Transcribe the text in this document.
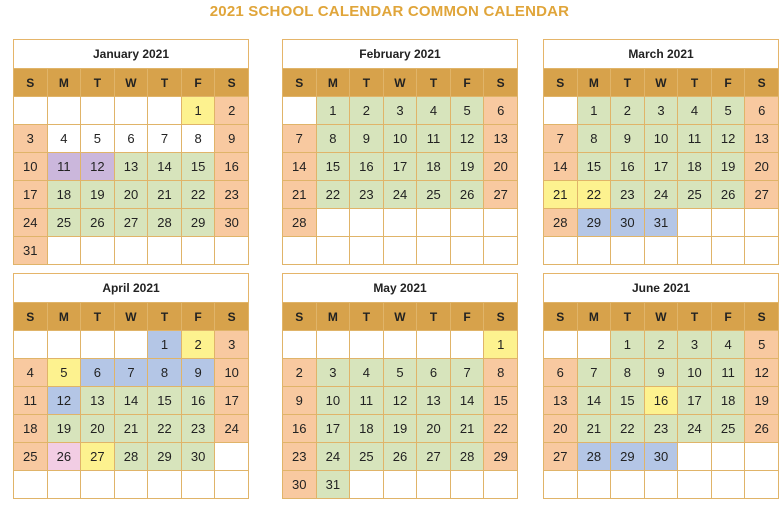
2021 SCHOOL CALENDAR COMMON CALENDAR
January 2021
S	M	T	W	T	F	S
					1	2
3	4	5	6	7	8	9
10	11	12	13	14	15	16
17	18	19	20	21	22	23
24	25	26	27	28	29	30
31						
February 2021
S	M	T	W	T	F	S
	1	2	3	4	5	6
7	8	9	10	11	12	13
14	15	16	17	18	19	20
21	22	23	24	25	26	27
28						

March 2021
S	M	T	W	T	F	S
	1	2	3	4	5	6
7	8	9	10	11	12	13
14	15	16	17	18	19	20
21	22	23	24	25	26	27
28	29	30	31			

April 2021
S	M	T	W	T	F	S
				1	2	3
4	5	6	7	8	9	10
11	12	13	14	15	16	17
18	19	20	21	22	23	24
25	26	27	28	29	30	

May 2021
S	M	T	W	T	F	S
						1
2	3	4	5	6	7	8
9	10	11	12	13	14	15
16	17	18	19	20	21	22
23	24	25	26	27	28	29
30	31					
June 2021
S	M	T	W	T	F	S
		1	2	3	4	5
6	7	8	9	10	11	12
13	14	15	16	17	18	19
20	21	22	23	24	25	26
27	28	29	30			
